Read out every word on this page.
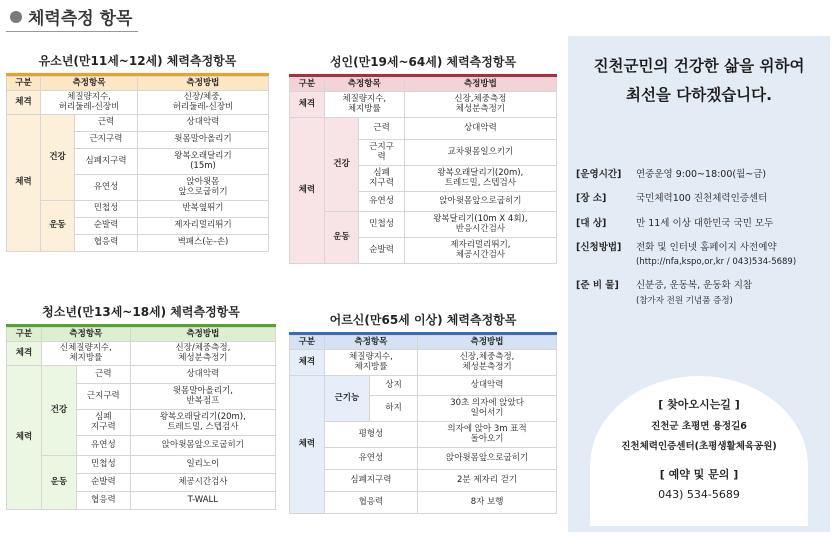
체력측정 항목
유소년(만11세~12세) 체력측정항목
구분	측정항목		측정방법
체격	체질량지수,
허리둘레-신장비		신장/체중,
허리둘레-신장비
체력	건강	근력	상대악력
		근지구력	윗몸말아올리기
		심폐지구력	왕복오래달리기
(15m)
		유연성	앉아윗몸
앞으로굽히기
	운동	민첩성	반복옆뛰기
		순발력	제자리멀리뛰기
		협응력	벽패스(눈-손)
성인(만19세~64세) 체력측정항목
구분	측정항목		측정방법
체격	체질량지수,
체지방률		신장,체중측정
체성분측정기
체력	건강	근력	상대악력
		근지구
력	교차윗몸일으키기
		심폐
지구력	왕복오래달리기(20m),
트레드밀, 스텝검사
		유연성	앉아윗몸앞으로굽히기
	운동	민첩성	왕복달리기(10m X 4회),
반응시간검사
		순발력	제자리멀리뛰기,
체공시간검사
청소년(만13세~18세) 체력측정항목
구분	측정항목		측정방법
체격	신체질량지수,
체지방률		신장/체중측정,
체성분측정기
체력	건강	근력	상대악력
		근지구력	윗몸말아올리기,
반복점프
		심폐
지구력	왕복오래달리기(20m),
트레드밀, 스텝검사
		유연성	앉아윗몸앞으로굽히기
	운동	민첩성	일리노이
		순발력	체공시간검사
		협응력	T-WALL
어르신(만65세 이상) 체력측정항목
구분	측정항목		측정방법
체격	체질량지수,
체지방률		신장,체중측정,
체성분측정기
체력	근기능	상지	상대악력
		하지	30초 의자에 앉았다
일어서기
	평형성		의자에 앉아 3m 표적
돌아오기
	유연성		앉아윗몸앞으로굽히기
	심폐지구력		2분 제자리 걷기
	협응력		8자 보행
진천군민의 건강한 삶을 위하여
최선을 다하겠습니다.
[운영시간]	연중운영 9:00~18:00(월~금)
[장 소]	국민체력100 진천체력인증센터
[대 상]	만 11세 이상 대한민국 국민 모두
[신청방법]	전화 및 인터넷 홈페이지 사전예약
(http://nfa,kspo,or,kr / 043)534-5689)
[준 비 물]	신분증, 운동복, 운동화 지참
(참가자 전원 기념품 증정)
[ 찾아오시는길 ]
진천군 초평면 용정길6
진천체력인증센터(초평생활체육공원)
[ 예약 및 문의 ]
043) 534-5689
